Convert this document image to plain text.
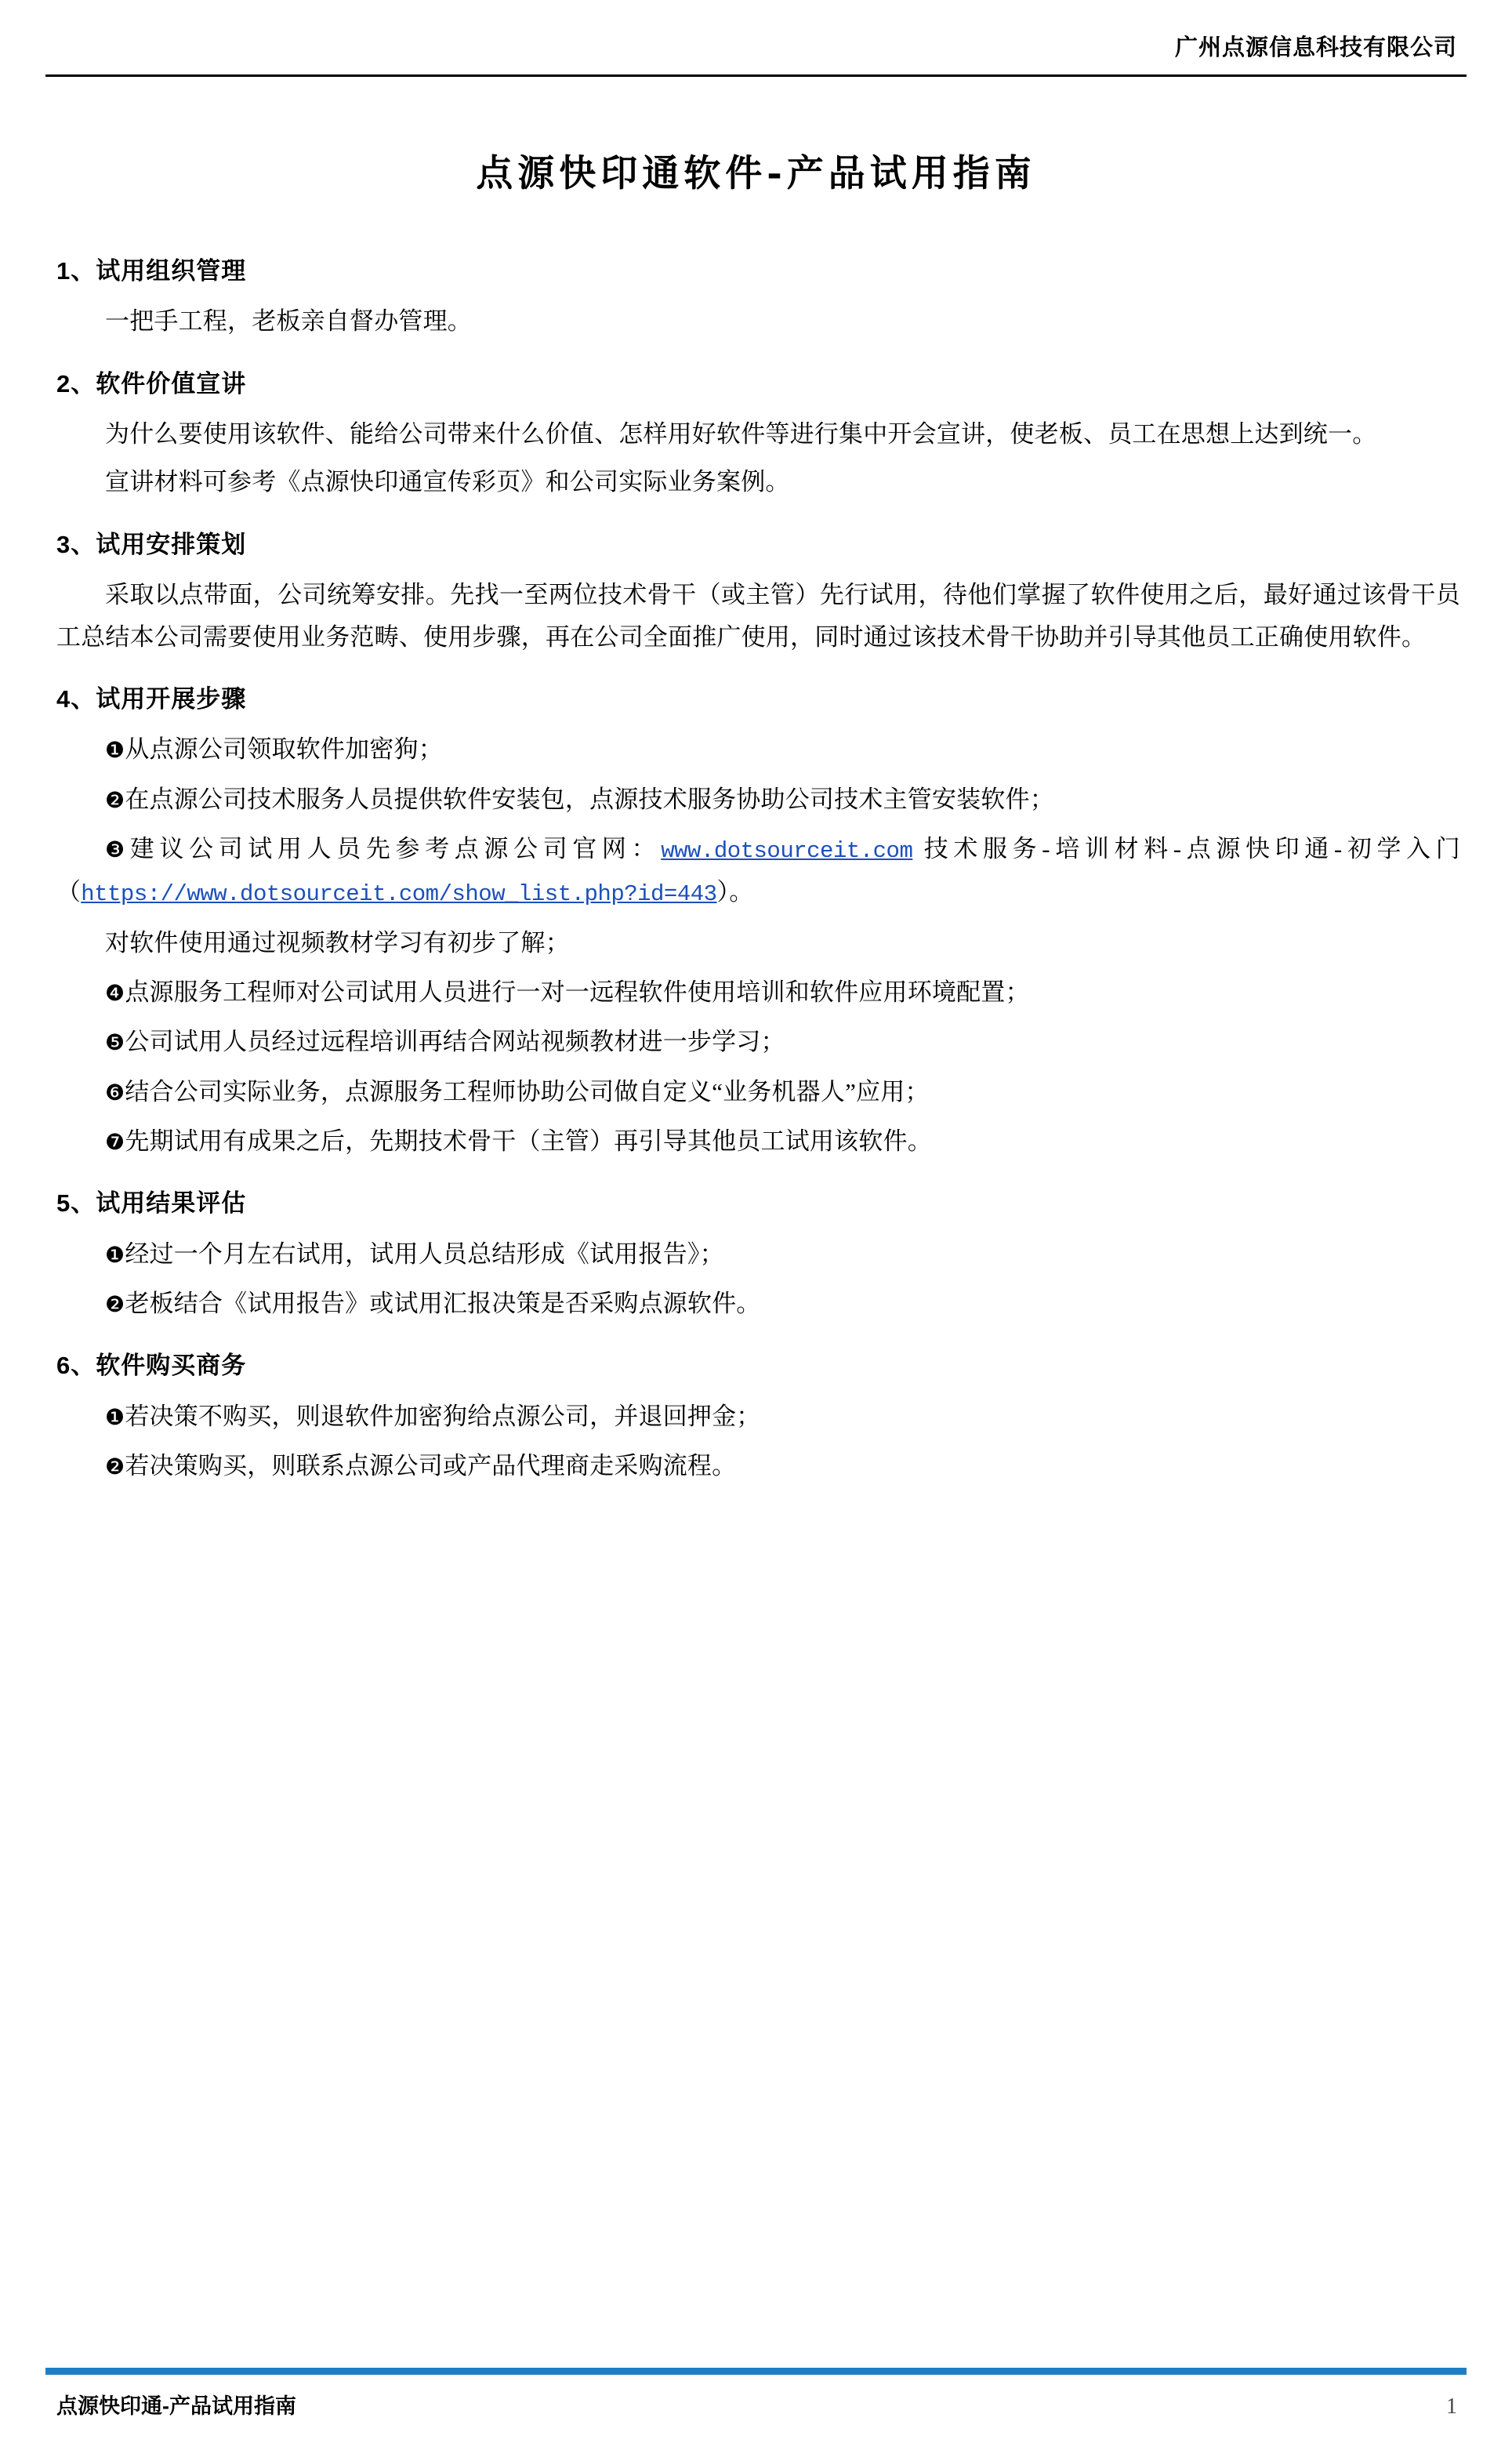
广州点源信息科技有限公司
点源快印通软件-产品试用指南
1、试用组织管理
一把手工程，老板亲自督办管理。
2、软件价值宣讲
为什么要使用该软件、能给公司带来什么价值、怎样用好软件等进行集中开会宣讲，使老板、员工在思想上达到统一。
宣讲材料可参考《点源快印通宣传彩页》和公司实际业务案例。
3、试用安排策划
采取以点带面，公司统筹安排。先找一至两位技术骨干（或主管）先行试用，待他们掌握了软件使用之后，最好通过该骨干员工总结本公司需要使用业务范畴、使用步骤，再在公司全面推广使用，同时通过该技术骨干协助并引导其他员工正确使用软件。
4、试用开展步骤
❶从点源公司领取软件加密狗；
❷在点源公司技术服务人员提供软件安装包，点源技术服务协助公司技术主管安装软件；
❸建议公司试用人员先参考点源公司官网：www.dotsourceit.com 技术服务-培训材料-点源快印通-初学入门（https://www.dotsourceit.com/show_list.php?id=443）。
对软件使用通过视频教材学习有初步了解；
❹点源服务工程师对公司试用人员进行一对一远程软件使用培训和软件应用环境配置；
❺公司试用人员经过远程培训再结合网站视频教材进一步学习；
❻结合公司实际业务，点源服务工程师协助公司做自定义“业务机器人”应用；
❼先期试用有成果之后，先期技术骨干（主管）再引导其他员工试用该软件。
5、试用结果评估
❶经过一个月左右试用，试用人员总结形成《试用报告》；
❷老板结合《试用报告》或试用汇报决策是否采购点源软件。
6、软件购买商务
❶若决策不购买，则退软件加密狗给点源公司，并退回押金；
❷若决策购买，则联系点源公司或产品代理商走采购流程。
点源快印通-产品试用指南	1
